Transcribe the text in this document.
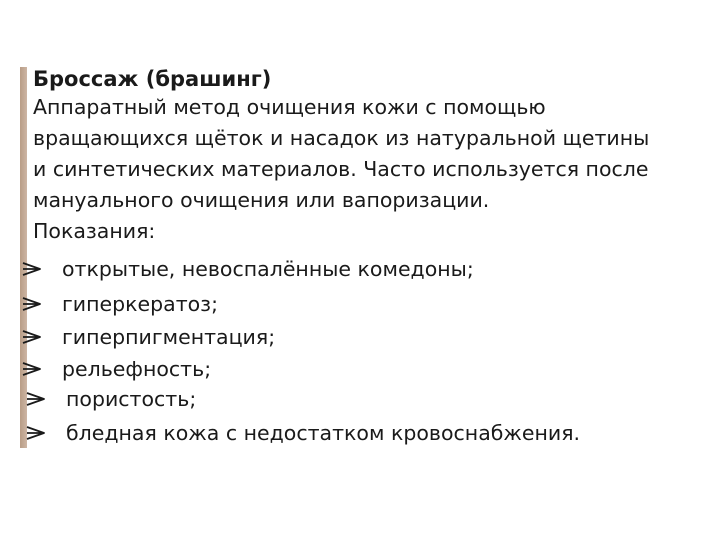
Броссаж (брашинг)

Аппаратный метод очищения кожи с помощью
вращающихся щёток и насадок из натуральной щетины
и синтетических материалов. Часто используется после
мануального очищения или вапоризации.

Показания:

открытые, невоспалённые комедоны;
гиперкератоз;
гиперпигментация;
рельефность;
пористость;
бледная кожа с недостатком кровоснабжения.
